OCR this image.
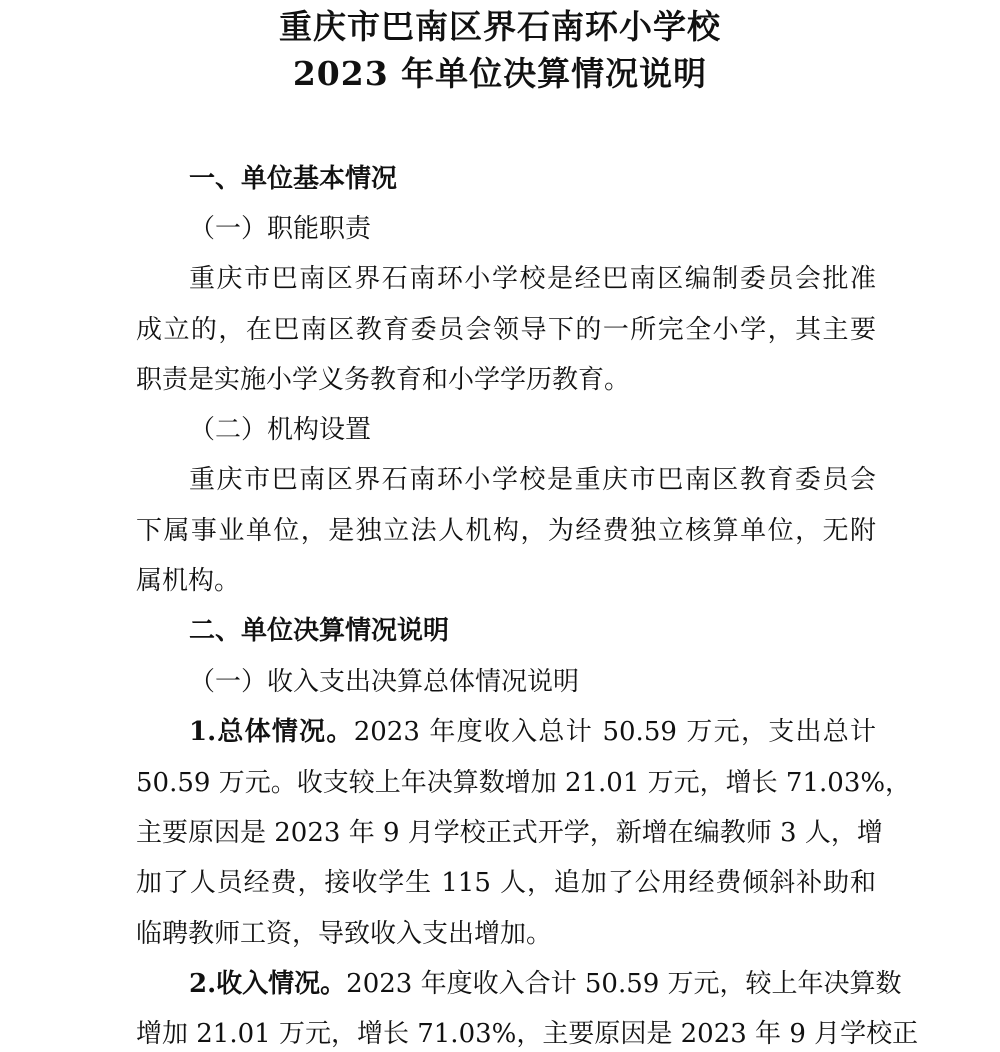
重庆市巴南区界石南环小学校
2023 年单位决算情况说明
一、单位基本情况
（一）职能职责
重庆市巴南区界石南环小学校是经巴南区编制委员会批准
成立的，在巴南区教育委员会领导下的一所完全小学，其主要
职责是实施小学义务教育和小学学历教育。
（二）机构设置
重庆市巴南区界石南环小学校是重庆市巴南区教育委员会
下属事业单位，是独立法人机构，为经费独立核算单位，无附
属机构。
二、单位决算情况说明
（一）收入支出决算总体情况说明
1.总体情况。2023 年度收入总计 50.59 万元，支出总计
50.59 万元。收支较上年决算数增加 21.01 万元，增长 71.03%，
主要原因是 2023 年 9 月学校正式开学，新增在编教师 3 人，增
加了人员经费，接收学生 115 人，追加了公用经费倾斜补助和
临聘教师工资，导致收入支出增加。
2.收入情况。2023 年度收入合计 50.59 万元，较上年决算数
增加 21.01 万元，增长 71.03%，主要原因是 2023 年 9 月学校正
